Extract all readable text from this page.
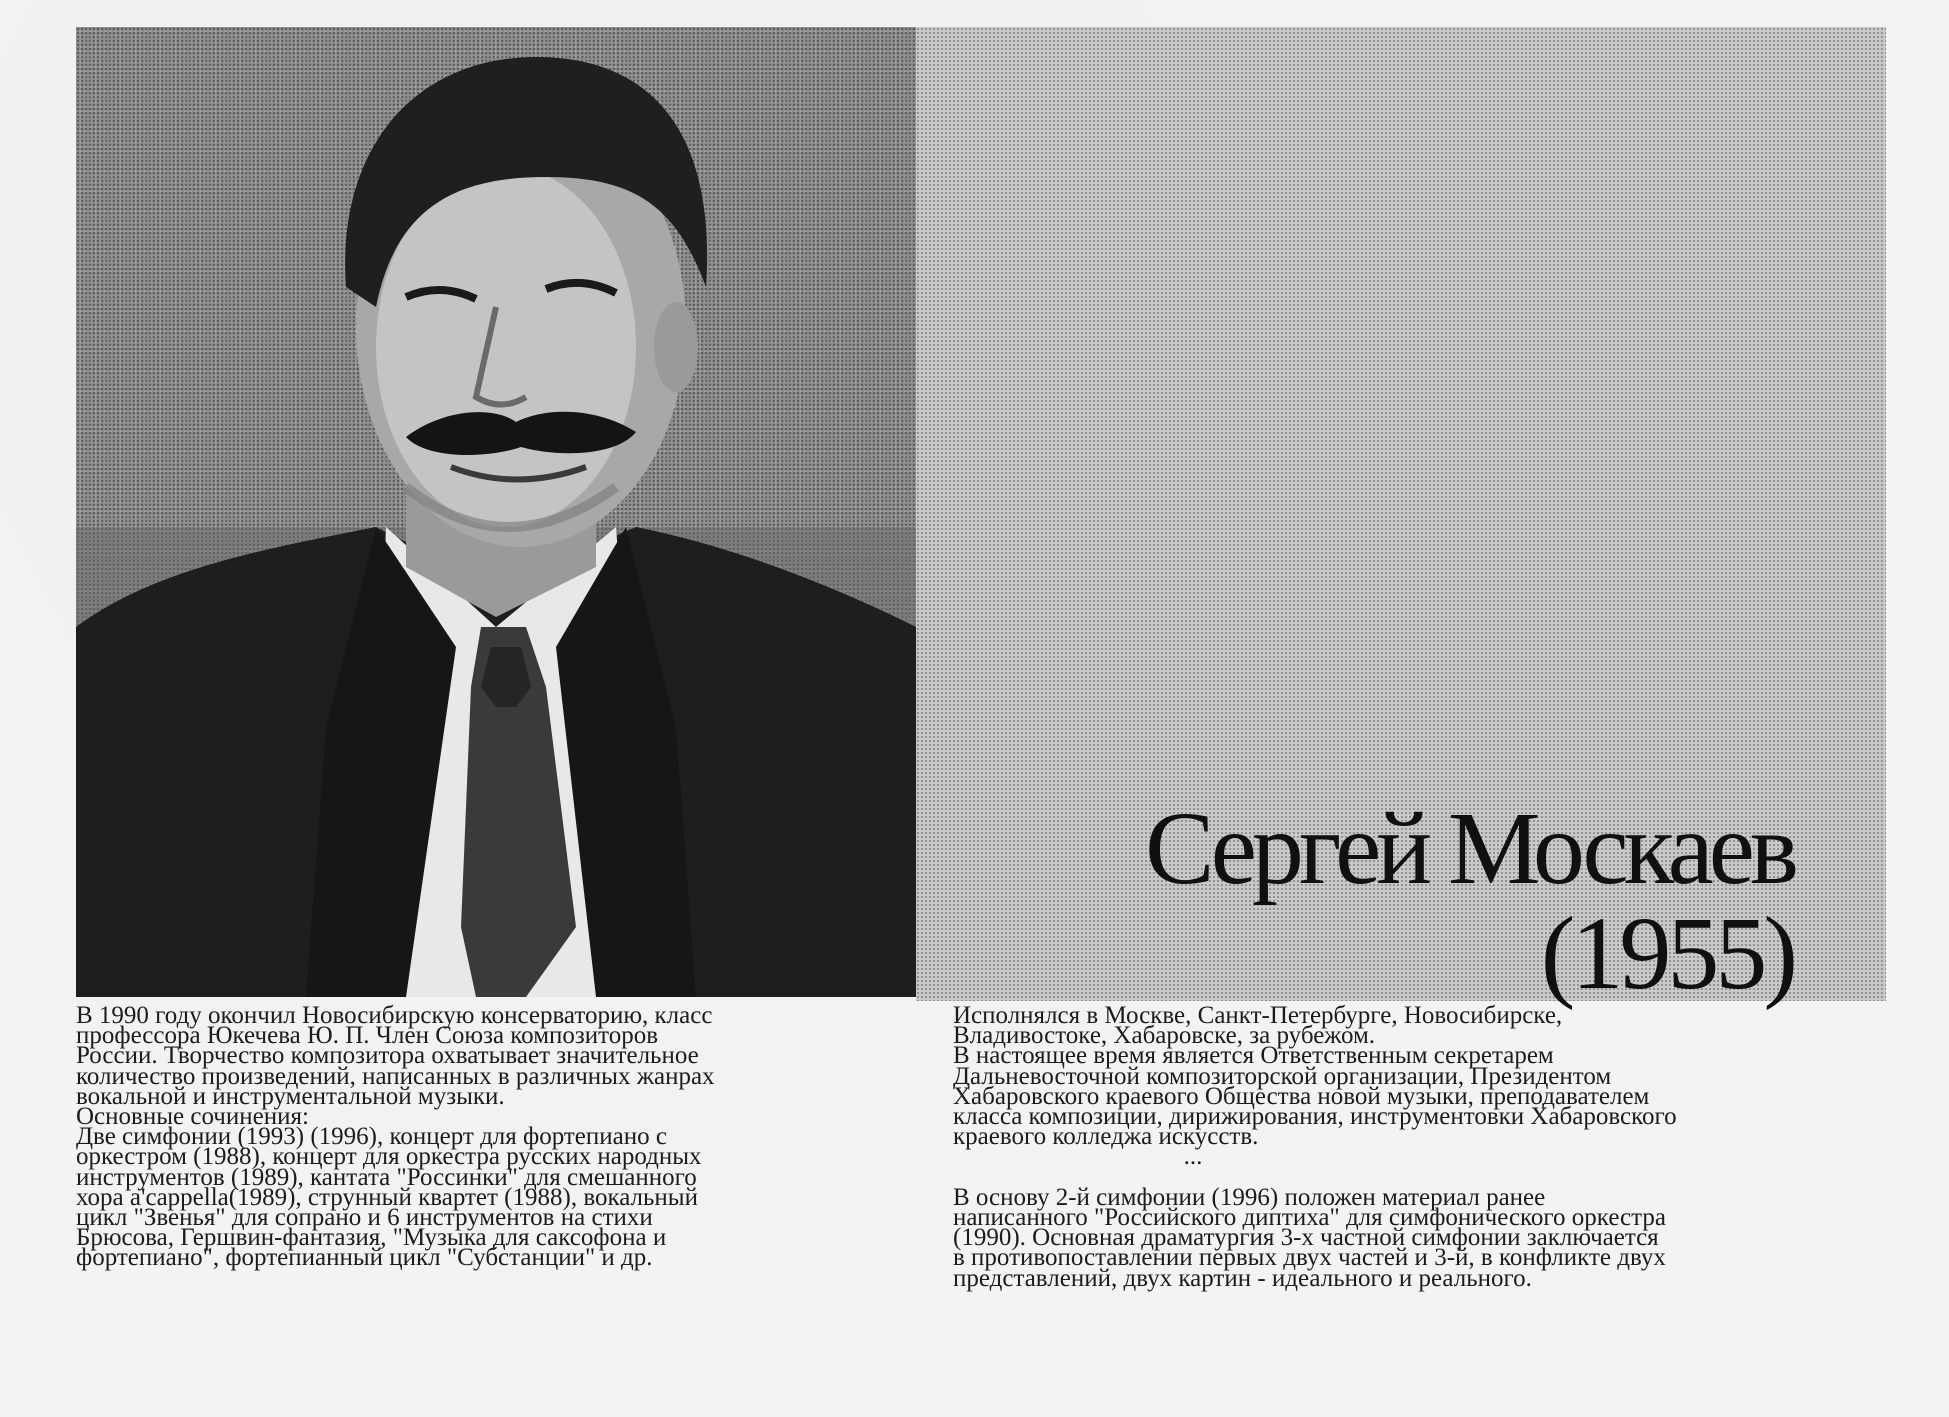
Сергей Москаев
(1955)

В 1990 году окончил Новосибирскую консерваторию, класс

профессора Юкечева Ю. П. Член Союза композиторов

России. Творчество композитора охватывает значительное

количество произведений, написанных в различных жанрах

вокальной и инструментальной музыки.

Основные сочинения:

Две симфонии (1993) (1996), концерт для фортепиано с

оркестром (1988), концерт для оркестра русских народных

инструментов (1989), кантата "Россинки" для смешанного

хора a'cappella(1989), струнный квартет (1988), вокальный

цикл "Звенья" для сопрано и 6 инструментов на стихи

Брюсова, Гершвин-фантазия, "Музыка для саксофона и

фортепиано", фортепианный цикл "Субстанции" и др.

Исполнялся в Москве, Санкт-Петербурге, Новосибирске,

Владивостоке, Хабаровске, за рубежом.

В настоящее время является Ответственным секретарем

Дальневосточной композиторской организации, Президентом

Хабаровского краевого Общества новой музыки, преподавателем

класса композиции, дирижирования, инструментовки Хабаровского

краевого колледжа искусств.

...

В основу 2-й симфонии (1996) положен материал ранее

написанного "Российского диптиха" для симфонического оркестра

(1990). Основная драматургия 3-х частной симфонии заключается

в противопоставлении первых двух частей и 3-й, в конфликте двух

представлений, двух картин - идеального и реального.
